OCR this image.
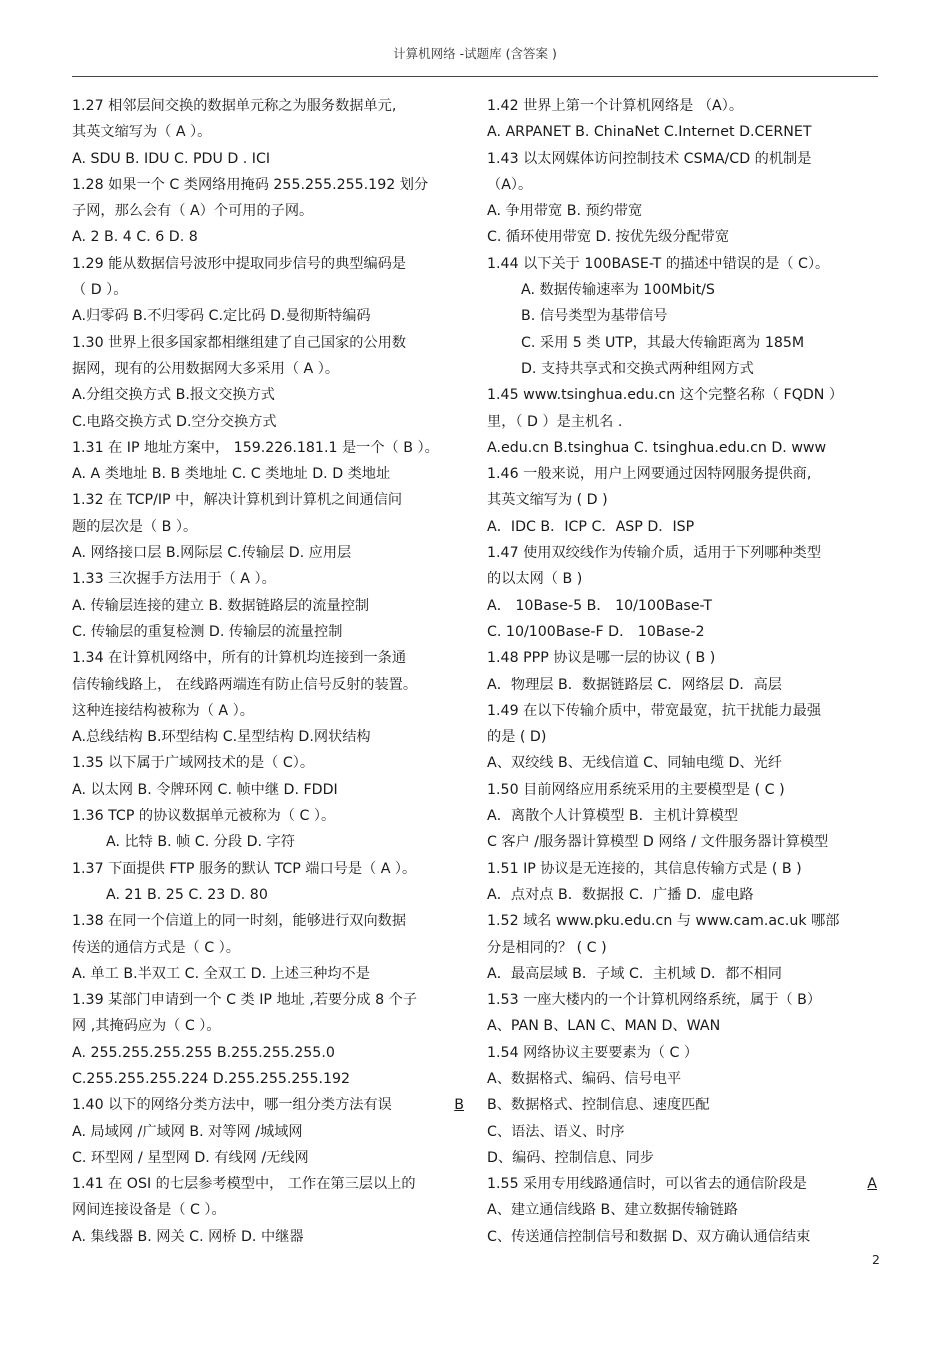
计算机网络 -试题库 (含答案 )
1.27 相邻层间交换的数据单元称之为服务数据单元,
其英文缩写为（ A ）。
A. SDU B. IDU C. PDU D . ICI
1.28 如果一个 C 类网络用掩码 255.255.255.192 划分
子网，那么会有（ A）个可用的子网。
A. 2 B. 4 C. 6 D. 8
1.29 能从数据信号波形中提取同步信号的典型编码是
（ D ）。
A.归零码 B.不归零码 C.定比码 D.曼彻斯特编码
1.30 世界上很多国家都相继组建了自己国家的公用数
据网，现有的公用数据网大多采用（ A ）。
A.分组交换方式 B.报文交换方式
C.电路交换方式 D.空分交换方式
1.31 在 IP 地址方案中， 159.226.181.1 是一个（ B ）。
A. A 类地址 B. B 类地址 C. C 类地址 D. D 类地址
1.32 在 TCP/IP 中，解决计算机到计算机之间通信问
题的层次是（ B ）。
A. 网络接口层 B.网际层 C.传输层 D. 应用层
1.33 三次握手方法用于（ A ）。
A. 传输层连接的建立 B. 数据链路层的流量控制
C. 传输层的重复检测 D. 传输层的流量控制
1.34 在计算机网络中，所有的计算机均连接到一条通
信传输线路上， 在线路两端连有防止信号反射的装置。
这种连接结构被称为（ A ）。
A.总线结构 B.环型结构 C.星型结构 D.网状结构
1.35 以下属于广域网技术的是（ C）。
A. 以太网 B. 令牌环网 C. 帧中继 D. FDDI
1.36 TCP 的协议数据单元被称为（ C ）。
A. 比特 B. 帧 C. 分段 D. 字符
1.37 下面提供 FTP 服务的默认 TCP 端口号是（ A ）。
A. 21 B. 25 C. 23 D. 80
1.38 在同一个信道上的同一时刻，能够进行双向数据
传送的通信方式是（ C ）。
A. 单工 B.半双工 C. 全双工 D. 上述三种均不是
1.39 某部门申请到一个 C 类 IP 地址 ,若要分成 8 个子
网 ,其掩码应为（ C ）。
A. 255.255.255.255 B.255.255.255.0
C.255.255.255.224 D.255.255.255.192
1.40 以下的网络分类方法中，哪一组分类方法有误	B
A. 局域网 /广域网 B. 对等网 /城域网
C. 环型网 / 星型网 D. 有线网 /无线网
1.41 在 OSI 的七层参考模型中， 工作在第三层以上的
网间连接设备是（ C ）。
A. 集线器 B. 网关 C. 网桥 D. 中继器
1.42 世界上第一个计算机网络是 （A）。
A. ARPANET B. ChinaNet C.Internet D.CERNET
1.43 以太网媒体访问控制技术 CSMA/CD 的机制是
（A）。
A. 争用带宽 B. 预约带宽
C. 循环使用带宽 D. 按优先级分配带宽
1.44 以下关于 100BASE-T 的描述中错误的是（ C）。
A. 数据传输速率为 100Mbit/S
B. 信号类型为基带信号
C. 采用 5 类 UTP，其最大传输距离为 185M
D. 支持共享式和交换式两种组网方式
1.45 www.tsinghua.edu.cn 这个完整名称（ FQDN ）
里，（ D ）是主机名 .
A.edu.cn B.tsinghua C. tsinghua.edu.cn D. www
1.46 一般来说，用户上网要通过因特网服务提供商,
其英文缩写为 ( D )
A．IDC B．ICP C．ASP D．ISP
1.47 使用双绞线作为传输介质，适用于下列哪种类型
的以太网（ B )
A． 10Base-5 B． 10/100Base-T
C. 10/100Base-F D． 10Base-2
1.48 PPP 协议是哪一层的协议 ( B )
A．物理层 B．数据链路层 C．网络层 D．高层
1.49 在以下传输介质中，带宽最宽，抗干扰能力最强
的是 ( D)
A、双绞线 B、无线信道 C、同轴电缆 D、光纤
1.50 目前网络应用系统采用的主要模型是 ( C )
A．离散个人计算模型 B．主机计算模型
C 客户 /服务器计算模型 D 网络 / 文件服务器计算模型
1.51 IP 协议是无连接的，其信息传输方式是 ( B )
A．点对点 B．数据报 C．广播 D．虚电路
1.52 域名 www.pku.edu.cn 与 www.cam.ac.uk 哪部
分是相同的？ ( C )
A．最高层域 B．子域 C．主机域 D．都不相同
1.53 一座大楼内的一个计算机网络系统，属于（ B）
A、PAN B、LAN C、MAN D、WAN
1.54 网络协议主要要素为（ C ）
A、数据格式、编码、信号电平
B、数据格式、控制信息、速度匹配
C、语法、语义、时序
D、编码、控制信息、同步
1.55 采用专用线路通信时，可以省去的通信阶段是	A
A、建立通信线路 B、建立数据传输链路
C、传送通信控制信号和数据 D、双方确认通信结束
2
